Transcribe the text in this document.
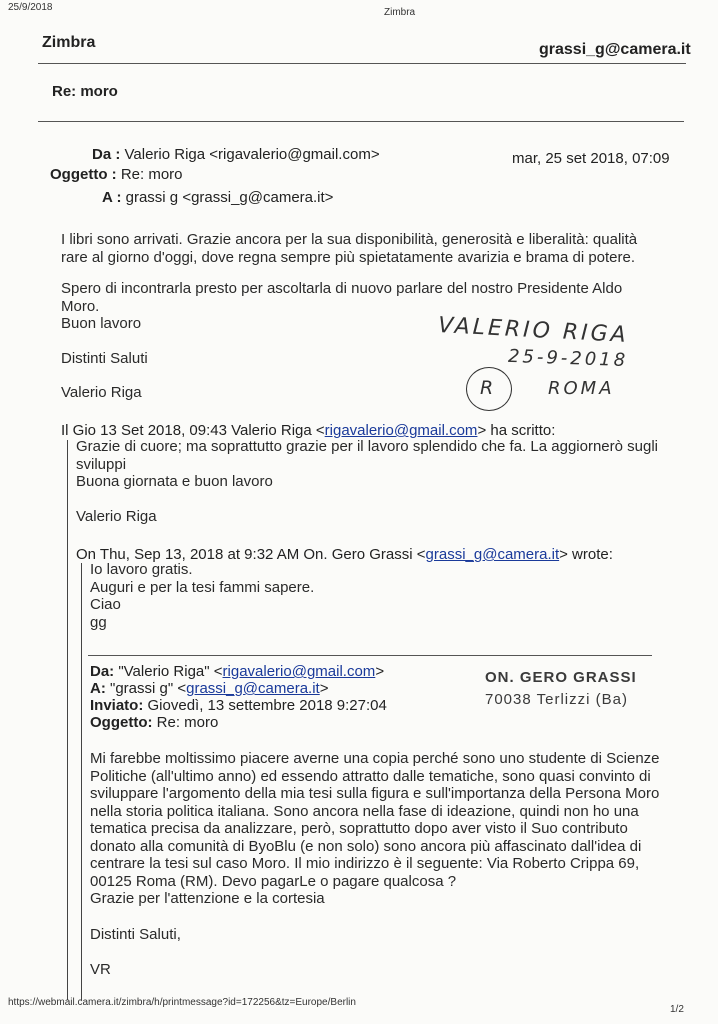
25/9/2018	Zimbra
Zimbra	grassi_g@camera.it
Re: moro
Da : Valerio Riga <rigavalerio@gmail.com>	mar, 25 set 2018, 07:09
Oggetto : Re: moro
A : grassi g <grassi_g@camera.it>
I libri sono arrivati. Grazie ancora per la sua disponibilità, generosità e liberalità: qualità
rare al giorno d'oggi, dove regna sempre più spietatamente avarizia e brama di potere.
Spero di incontrarla presto per ascoltarla di nuovo parlare del nostro Presidente Aldo
Moro.
Buon lavoro
Distinti Saluti
Valerio Riga
VALERIO RIGA
25-9-2018
R	ROMA
Il Gio 13 Set 2018, 09:43 Valerio Riga <rigavalerio@gmail.com> ha scritto:
Grazie di cuore; ma soprattutto grazie per il lavoro splendido che fa. La aggiornerò sugli
sviluppi
Buona giornata e buon lavoro
Valerio Riga
On Thu, Sep 13, 2018 at 9:32 AM On. Gero Grassi <grassi_g@camera.it> wrote:
Io lavoro gratis.
Auguri e per la tesi fammi sapere.
Ciao
gg
Da: "Valerio Riga" <rigavalerio@gmail.com>
A: "grassi g" <grassi_g@camera.it>
Inviato: Giovedì, 13 settembre 2018 9:27:04
Oggetto: Re: moro
ON. GERO GRASSI
70038 Terlizzi (Ba)
Mi farebbe moltissimo piacere averne una copia perché sono uno studente di Scienze
Politiche (all'ultimo anno) ed essendo attratto dalle tematiche, sono quasi convinto di
sviluppare l'argomento della mia tesi sulla figura e sull'importanza della Persona Moro
nella storia politica italiana. Sono ancora nella fase di ideazione, quindi non ho una
tematica precisa da analizzare, però, soprattutto dopo aver visto il Suo contributo
donato alla comunità di ByoBlu (e non solo) sono ancora più affascinato dall'idea di
centrare la tesi sul caso Moro. Il mio indirizzo è il seguente: Via Roberto Crippa 69,
00125 Roma (RM). Devo pagarLe o pagare qualcosa ?
Grazie per l'attenzione e la cortesia
Distinti Saluti,
VR
https://webmail.camera.it/zimbra/h/printmessage?id=172256&tz=Europe/Berlin
1/2
